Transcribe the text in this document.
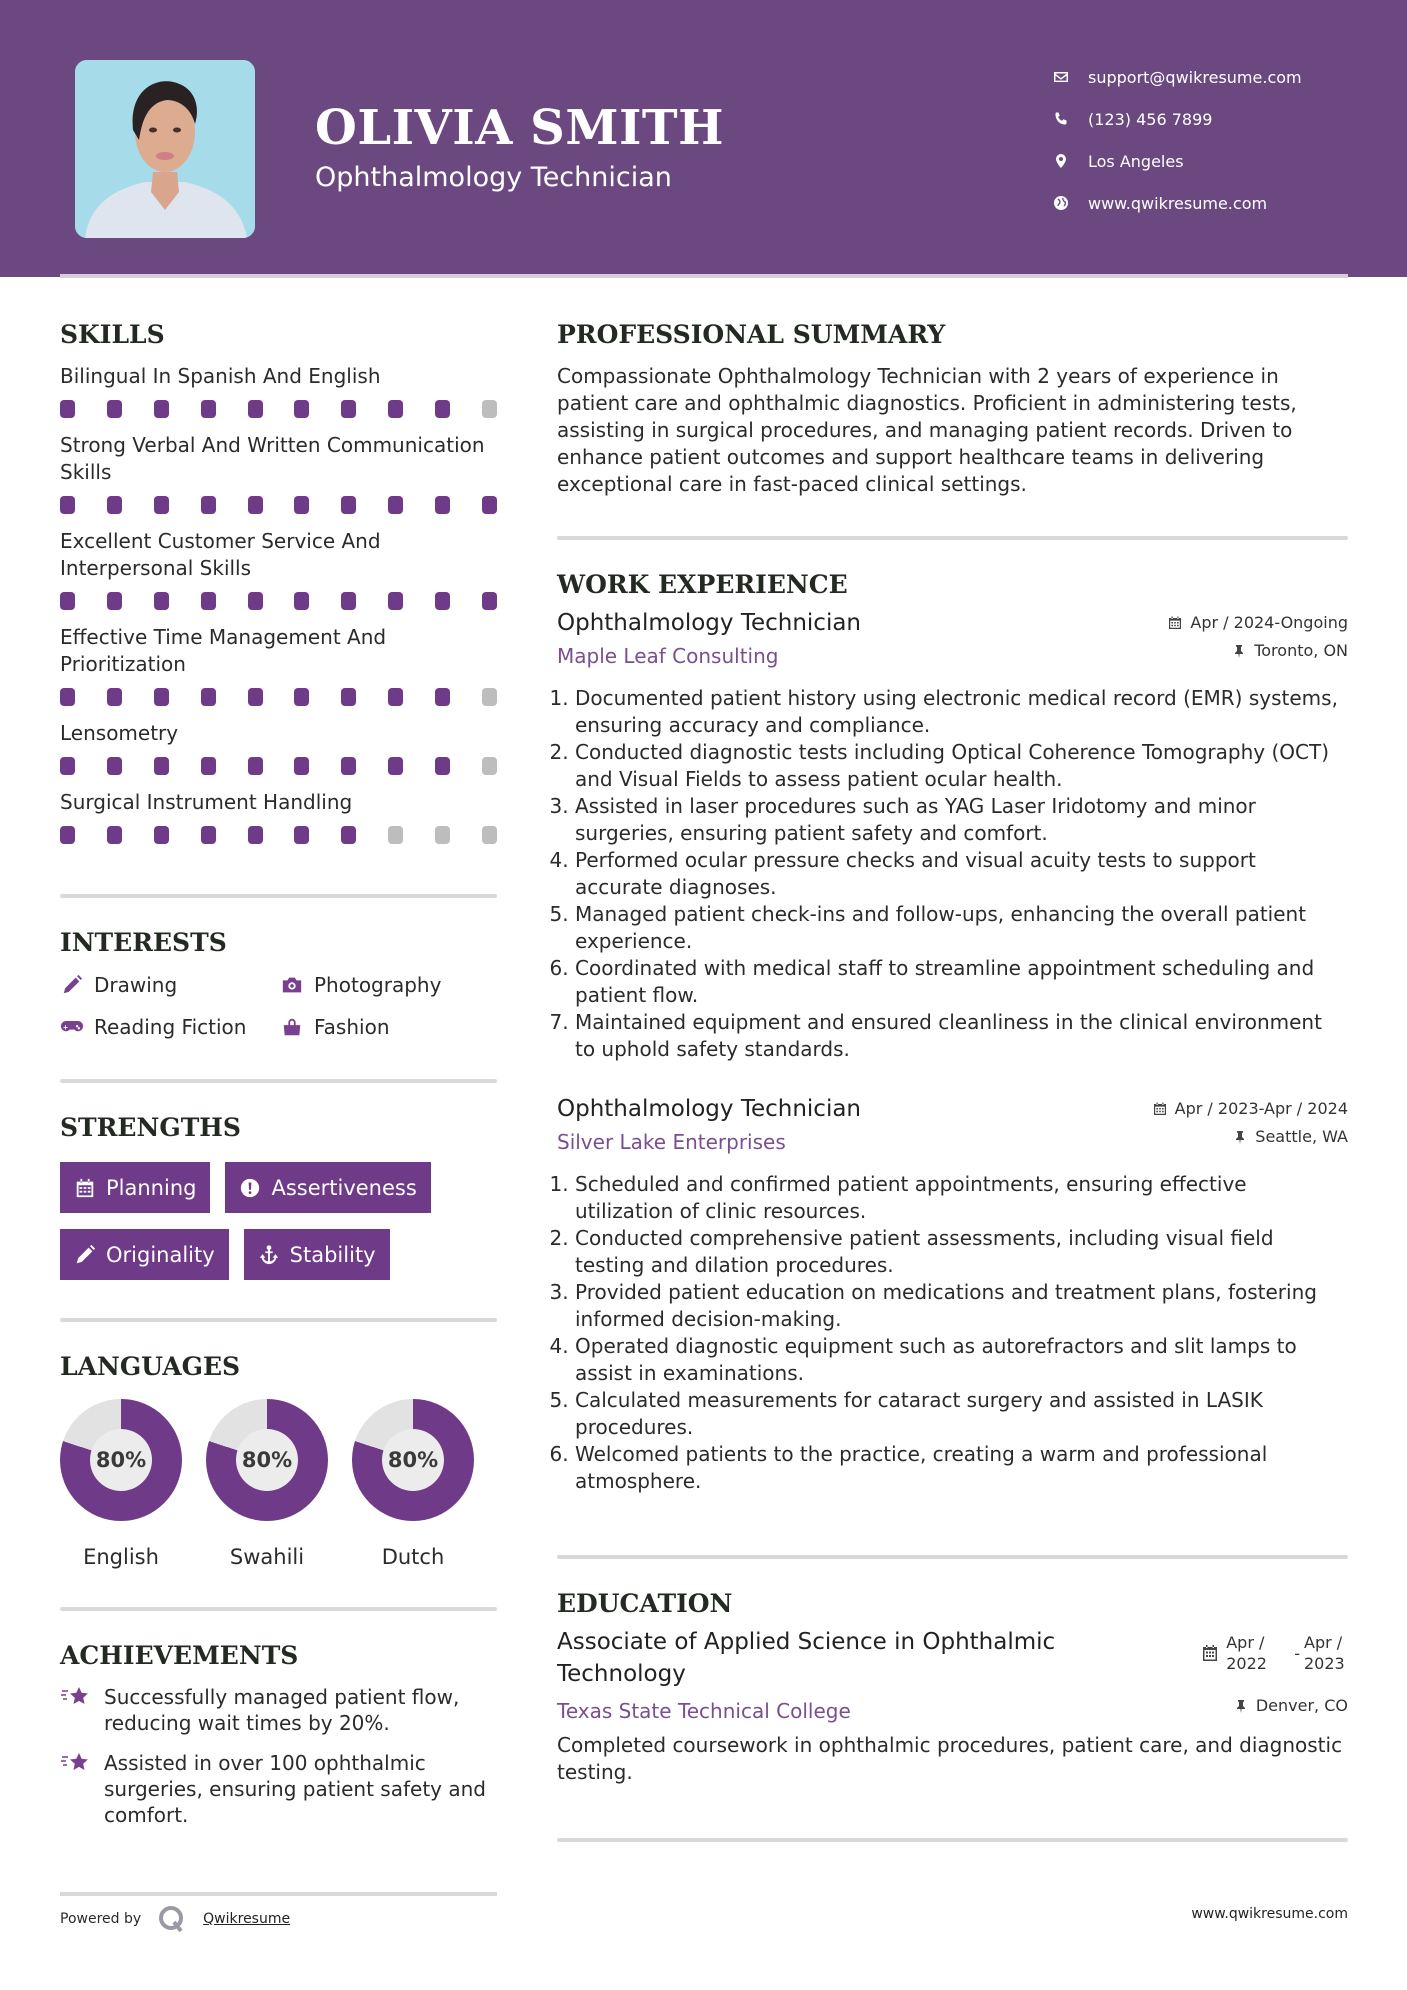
OLIVIA SMITH
Ophthalmology Technician
support@qwikresume.com
(123) 456 7899
Los Angeles
www.qwikresume.com
SKILLS
Bilingual In Spanish And English
Strong Verbal And Written Communication Skills
Excellent Customer Service And Interpersonal Skills
Effective Time Management And Prioritization
Lensometry
Surgical Instrument Handling
INTERESTS
Drawing	Photography
Reading Fiction	Fashion
STRENGTHS
Planning	Assertiveness
Originality	Stability
LANGUAGES
80%
English
80%
Swahili
80%
Dutch
ACHIEVEMENTS
Successfully managed patient flow, reducing wait times by 20%.
Assisted in over 100 ophthalmic surgeries, ensuring patient safety and comfort.
PROFESSIONAL SUMMARY

Compassionate Ophthalmology Technician with 2 years of experience in patient care and ophthalmic diagnostics. Proficient in administering tests, assisting in surgical procedures, and managing patient records. Driven to enhance patient outcomes and support healthcare teams in delivering exceptional care in fast-paced clinical settings.

WORK EXPERIENCE
Ophthalmology Technician	Apr / 2024-Ongoing
Maple Leaf Consulting	Toronto, ON
1. Documented patient history using electronic medical record (EMR) systems, ensuring accuracy and compliance.
2. Conducted diagnostic tests including Optical Coherence Tomography (OCT) and Visual Fields to assess patient ocular health.
3. Assisted in laser procedures such as YAG Laser Iridotomy and minor surgeries, ensuring patient safety and comfort.
4. Performed ocular pressure checks and visual acuity tests to support accurate diagnoses.
5. Managed patient check-ins and follow-ups, enhancing the overall patient experience.
6. Coordinated with medical staff to streamline appointment scheduling and patient flow.
7. Maintained equipment and ensured cleanliness in the clinical environment to uphold safety standards.
Ophthalmology Technician	Apr / 2023-Apr / 2024
Silver Lake Enterprises	Seattle, WA
1. Scheduled and confirmed patient appointments, ensuring effective utilization of clinic resources.
2. Conducted comprehensive patient assessments, including visual field testing and dilation procedures.
3. Provided patient education on medications and treatment plans, fostering informed decision-making.
4. Operated diagnostic equipment such as autorefractors and slit lamps to assist in examinations.
5. Calculated measurements for cataract surgery and assisted in LASIK procedures.
6. Welcomed patients to the practice, creating a warm and professional atmosphere.
EDUCATION
Associate of Applied Science in Ophthalmic Technology
Apr / 2022
-
Apr / 2023
Texas State Technical College	Denver, CO

Completed coursework in ophthalmic procedures, patient care, and diagnostic testing.

Powered by	Qwikresume	www.qwikresume.com
